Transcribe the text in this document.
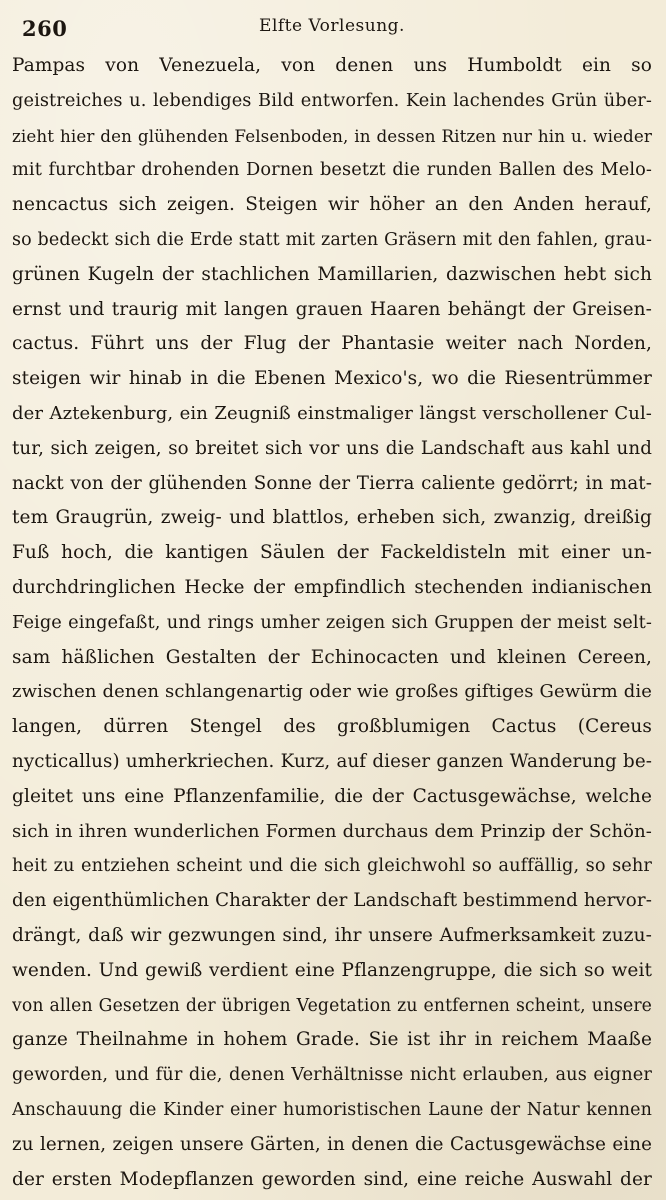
260	Elfte Vorlesung.
Pampas von Venezuela, von denen uns Humboldt ein so
geistreiches u. lebendiges Bild entworfen. Kein lachendes Grün über-
zieht hier den glühenden Felsenboden, in dessen Ritzen nur hin u. wieder
mit furchtbar drohenden Dornen besetzt die runden Ballen des Melo-
nencactus sich zeigen. Steigen wir höher an den Anden herauf,
so bedeckt sich die Erde statt mit zarten Gräsern mit den fahlen, grau-
grünen Kugeln der stachlichen Mamillarien, dazwischen hebt sich
ernst und traurig mit langen grauen Haaren behängt der Greisen-
cactus. Führt uns der Flug der Phantasie weiter nach Norden,
steigen wir hinab in die Ebenen Mexico's, wo die Riesentrümmer
der Aztekenburg, ein Zeugniß einstmaliger längst verschollener Cul-
tur, sich zeigen, so breitet sich vor uns die Landschaft aus kahl und
nackt von der glühenden Sonne der Tierra caliente gedörrt; in mat-
tem Graugrün, zweig- und blattlos, erheben sich, zwanzig, dreißig
Fuß hoch, die kantigen Säulen der Fackeldisteln mit einer un-
durchdringlichen Hecke der empfindlich stechenden indianischen
Feige eingefaßt, und rings umher zeigen sich Gruppen der meist selt-
sam häßlichen Gestalten der Echinocacten und kleinen Cereen,
zwischen denen schlangenartig oder wie großes giftiges Gewürm die
langen, dürren Stengel des großblumigen Cactus (Cereus
nycticallus) umherkriechen. Kurz, auf dieser ganzen Wanderung be-
gleitet uns eine Pflanzenfamilie, die der Cactusgewächse, welche
sich in ihren wunderlichen Formen durchaus dem Prinzip der Schön-
heit zu entziehen scheint und die sich gleichwohl so auffällig, so sehr
den eigenthümlichen Charakter der Landschaft bestimmend hervor-
drängt, daß wir gezwungen sind, ihr unsere Aufmerksamkeit zuzu-
wenden. Und gewiß verdient eine Pflanzengruppe, die sich so weit
von allen Gesetzen der übrigen Vegetation zu entfernen scheint, unsere
ganze Theilnahme in hohem Grade. Sie ist ihr in reichem Maaße
geworden, und für die, denen Verhältnisse nicht erlauben, aus eigner
Anschauung die Kinder einer humoristischen Laune der Natur kennen
zu lernen, zeigen unsere Gärten, in denen die Cactusgewächse eine
der ersten Modepflanzen geworden sind, eine reiche Auswahl der
